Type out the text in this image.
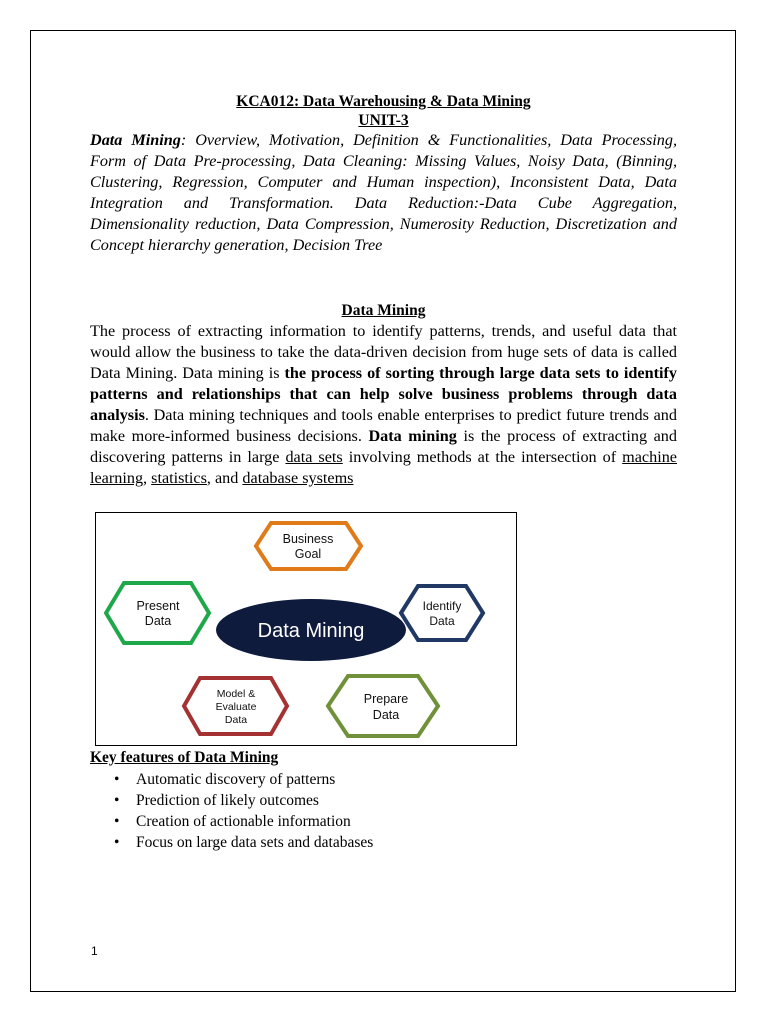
KCA012: Data Warehousing & Data Mining
UNIT-3

Data Mining: Overview, Motivation, Definition & Functionalities, Data Processing, Form of Data Pre-processing, Data Cleaning: Missing Values, Noisy Data, (Binning, Clustering, Regression, Computer and Human inspection), Inconsistent Data, Data Integration and Transformation. Data Reduction:-Data Cube Aggregation, Dimensionality reduction, Data Compression, Numerosity Reduction, Discretization and Concept hierarchy generation, Decision Tree

Data Mining

The process of extracting information to identify patterns, trends, and useful data that would allow the business to take the data-driven decision from huge sets of data is called Data Mining. Data mining is the process of sorting through large data sets to identify patterns and relationships that can help solve business problems through data analysis. Data mining techniques and tools enable enterprises to predict future trends and make more-informed business decisions. Data mining is the process of extracting and discovering patterns in large data sets involving methods at the intersection of machine learning, statistics, and database systems

Business
Goal
Identify
Data
Prepare
Data
Model &
Evaluate
Data
Present
Data	Data Mining
Key features of Data Mining
• Automatic discovery of patterns
• Prediction of likely outcomes
• Creation of actionable information
• Focus on large data sets and databases
1
